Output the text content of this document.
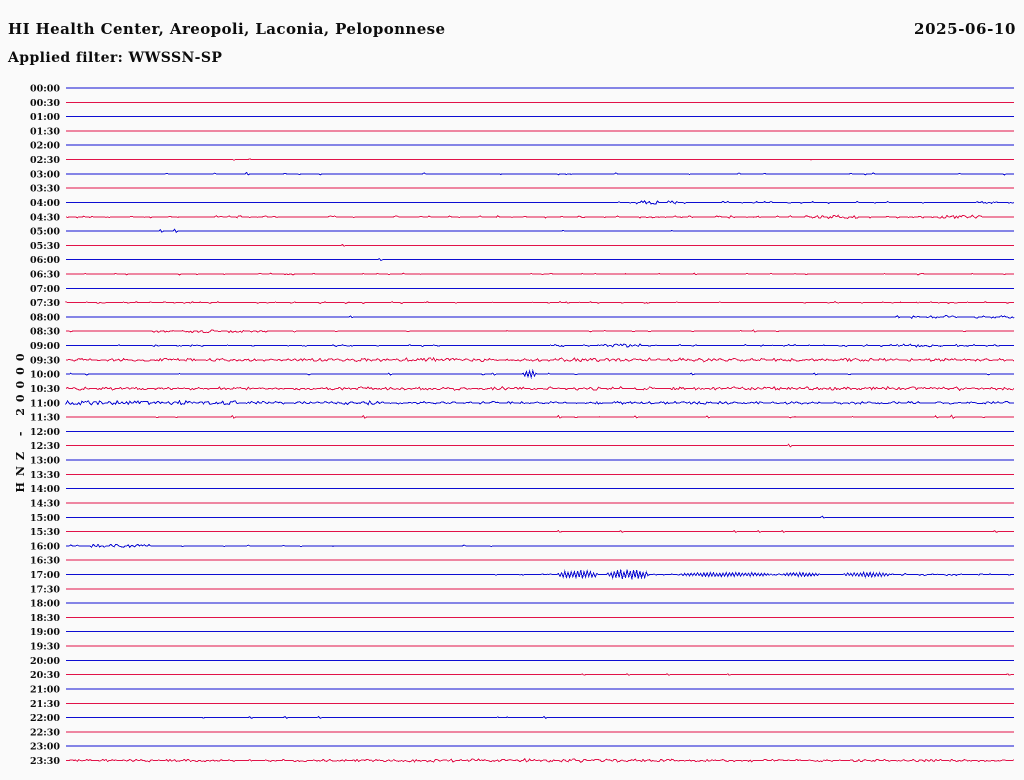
HI Health Center, Areopoli, Laconia, Peloponnese	2025-06-10
Applied filter: WWSSN-SP
HNZ - 20000
00:00
00:30
01:00
01:30
02:00
02:30
03:00
03:30
04:00
04:30
05:00
05:30
06:00
06:30
07:00
07:30
08:00
08:30
09:00
09:30
10:00
10:30
11:00
11:30
12:00
12:30
13:00
13:30
14:00
14:30
15:00
15:30
16:00
16:30
17:00
17:30
18:00
18:30
19:00
19:30
20:00
20:30
21:00
21:30
22:00
22:30
23:00
23:30
